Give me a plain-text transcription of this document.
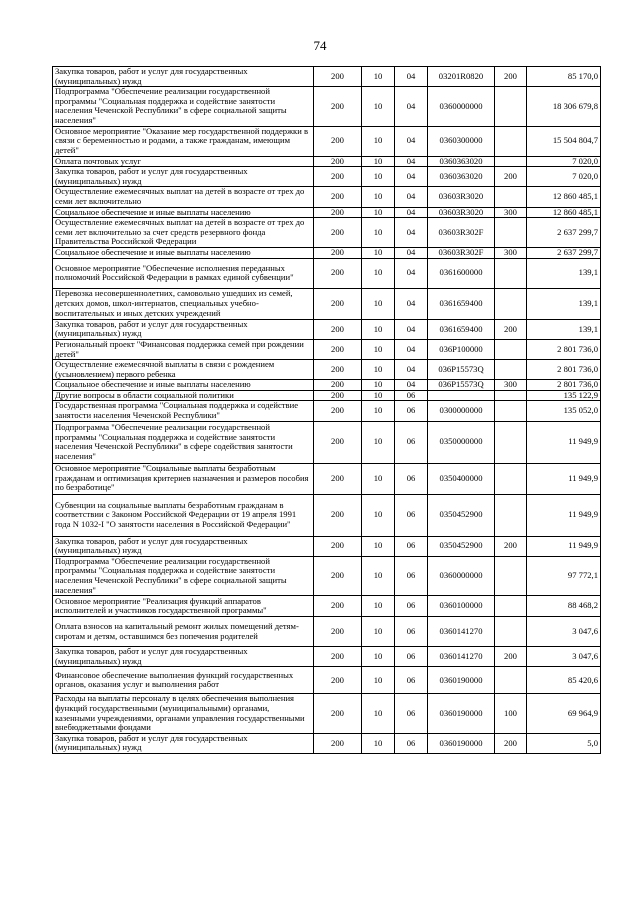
74
Закупка товаров, работ и услуг для государственных (муниципальных) нужд	200	10	04	03201R0820	200	85 170,0
Подпрограмма "Обеспечение реализации государственной программы "Социальная поддержка и содействие занятости населения Чеченской Республики" в сфере социальной защиты населения"	200	10	04	0360000000		18 306 679,8
Основное мероприятие "Оказание мер государственной поддержки в связи с беременностью и родами, а также гражданам, имеющим детей"	200	10	04	0360300000		15 504 804,7
Оплата почтовых услуг	200	10	04	0360363020		7 020,0
Закупка товаров, работ и услуг для государственных (муниципальных) нужд	200	10	04	0360363020	200	7 020,0
Осуществление ежемесячных выплат на детей в возрасте от трех до семи лет включительно	200	10	04	03603R3020		12 860 485,1
Социальное обеспечение и иные выплаты населению	200	10	04	03603R3020	300	12 860 485,1
Осуществление ежемесячных выплат на детей в возрасте от трех до семи лет включительно за счет средств резервного фонда Правительства Российской Федерации	200	10	04	03603R302F		2 637 299,7
Социальное обеспечение и иные выплаты населению	200	10	04	03603R302F	300	2 637 299,7
Основное мероприятие "Обеспечение исполнения переданных полномочий Российской Федерации в рамках единой субвенции"	200	10	04	0361600000		139,1
Перевозка несовершеннолетних, самовольно ушедших из семей, детских домов, школ-интернатов, специальных учебно-воспитательных и иных детских учреждений	200	10	04	0361659400		139,1
Закупка товаров, работ и услуг для государственных (муниципальных) нужд	200	10	04	0361659400	200	139,1
Региональный проект "Финансовая поддержка семей при рождении детей"	200	10	04	036P100000		2 801 736,0
Осуществление ежемесячной выплаты в связи с рождением (усыновлением) первого ребенка	200	10	04	036P15573Q		2 801 736,0
Социальное обеспечение и иные выплаты населению	200	10	04	036P15573Q	300	2 801 736,0
Другие вопросы в области социальной политики	200	10	06			135 122,9
Государственная программа "Социальная поддержка и содействие занятости населения Чеченской Республики"	200	10	06	0300000000		135 052,0
Подпрограмма "Обеспечение реализации государственной программы "Социальная поддержка и содействие занятости населения Чеченской Республики" в сфере содействия занятости населения"	200	10	06	0350000000		11 949,9
Основное мероприятие "Социальные выплаты безработным гражданам и оптимизация критериев назначения и размеров пособия по безработице"	200	10	06	0350400000		11 949,9
Субвенции на социальные выплаты безработным гражданам в соответствии с Законом Российской Федерации от 19 апреля 1991 года N 1032-I "О занятости населения в Российской Федерации"	200	10	06	0350452900		11 949,9
Закупка товаров, работ и услуг для государственных (муниципальных) нужд	200	10	06	0350452900	200	11 949,9
Подпрограмма "Обеспечение реализации государственной программы "Социальная поддержка и содействие занятости населения Чеченской Республики" в сфере социальной защиты населения"	200	10	06	0360000000		97 772,1
Основное мероприятие "Реализация функций аппаратов исполнителей и участников государственной программы"	200	10	06	0360100000		88 468,2
Оплата взносов на капитальный ремонт жилых помещений детям-сиротам и детям, оставшимся без попечения родителей	200	10	06	0360141270		3 047,6
Закупка товаров, работ и услуг для государственных (муниципальных) нужд	200	10	06	0360141270	200	3 047,6
Финансовое обеспечение выполнения функций государственных органов, оказания услуг и выполнения работ	200	10	06	0360190000		85 420,6
Расходы на выплаты персоналу в целях обеспечения выполнения функций государственными (муниципальными) органами, казенными учреждениями, органами управления государственными внебюджетными фондами	200	10	06	0360190000	100	69 964,9
Закупка товаров, работ и услуг для государственных (муниципальных) нужд	200	10	06	0360190000	200	5,0
